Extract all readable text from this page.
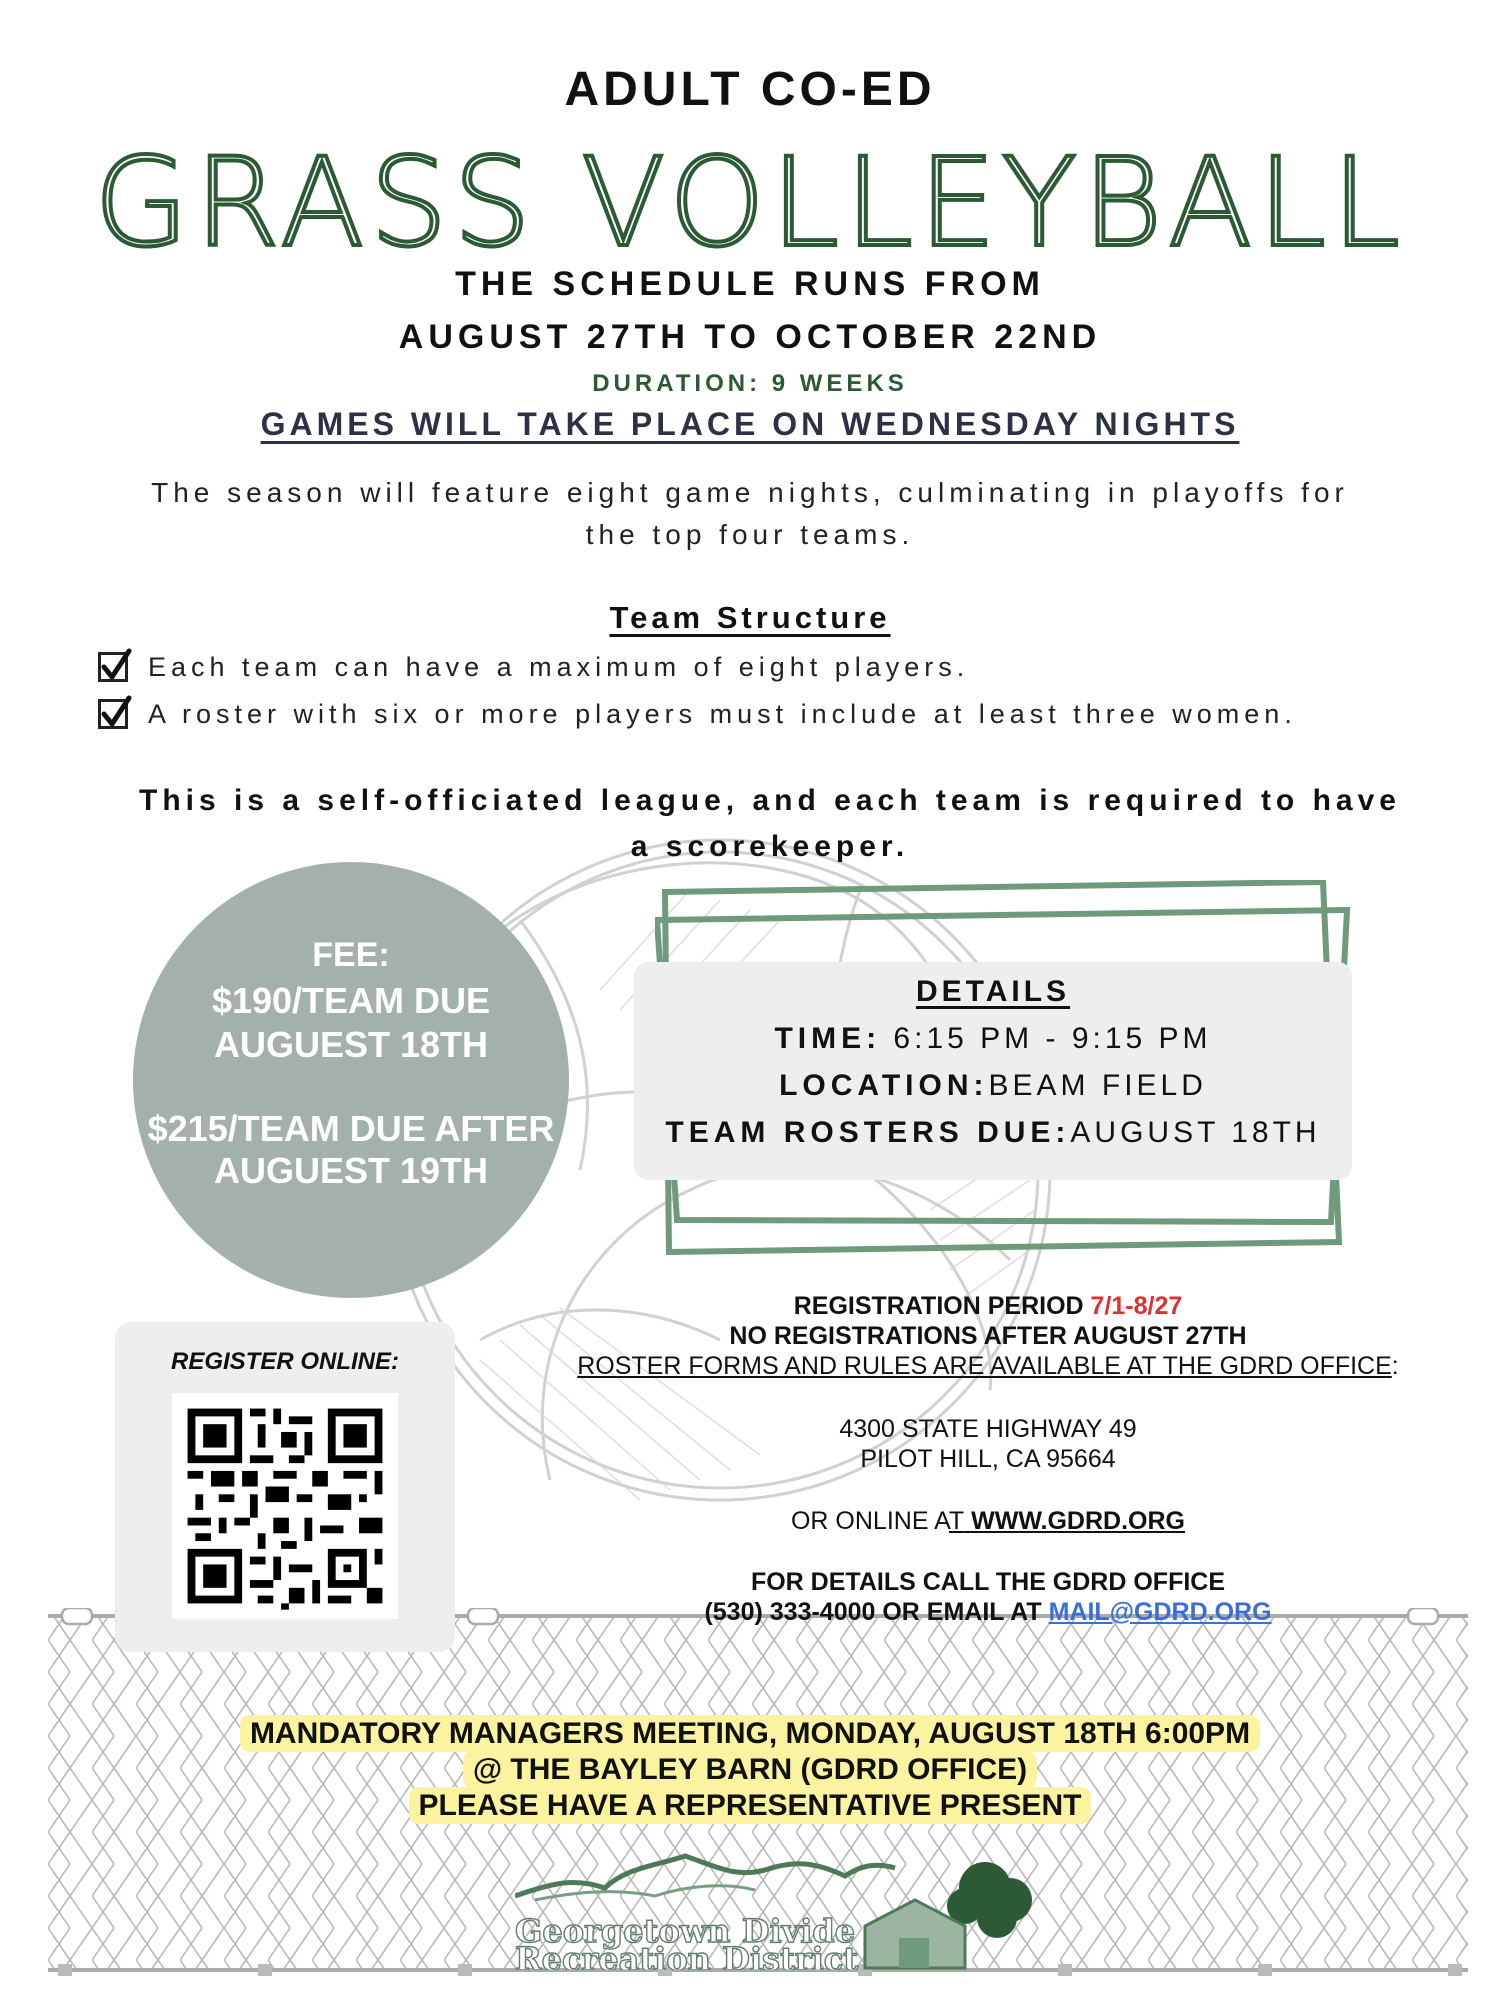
ADULT CO-ED
GRASS VOLLEYBALL
THE SCHEDULE RUNS FROM
AUGUST 27TH TO OCTOBER 22ND
DURATION: 9 WEEKS
GAMES WILL TAKE PLACE ON WEDNESDAY NIGHTS
The season will feature eight game nights, culminating in playoffs for
the top four teams.
Team Structure
Each team can have a maximum of eight players.
A roster with six or more players must include at least three women.
This is a self-officiated league, and each team is required to have
a scorekeeper.
FEE:
$190/TEAM DUE
AUGUEST 18TH
$215/TEAM DUE AFTER
AUGUEST 19TH
DETAILS
TIME: 6:15 PM - 9:15 PM
LOCATION:BEAM FIELD
TEAM ROSTERS DUE:AUGUST 18TH
REGISTER ONLINE:
REGISTRATION PERIOD 7/1-8/27
NO REGISTRATIONS AFTER AUGUST 27TH
ROSTER FORMS AND RULES ARE AVAILABLE AT THE GDRD OFFICE:
4300 STATE HIGHWAY 49
PILOT HILL, CA 95664
OR ONLINE AT WWW.GDRD.ORG
FOR DETAILS CALL THE GDRD OFFICE
(530) 333-4000 OR EMAIL AT MAIL@GDRD.ORG
MANDATORY MANAGERS MEETING, MONDAY, AUGUST 18TH 6:00PM
@ THE BAYLEY BARN (GDRD OFFICE)
PLEASE HAVE A REPRESENTATIVE PRESENT
Georgetown Divide
Recreation District
